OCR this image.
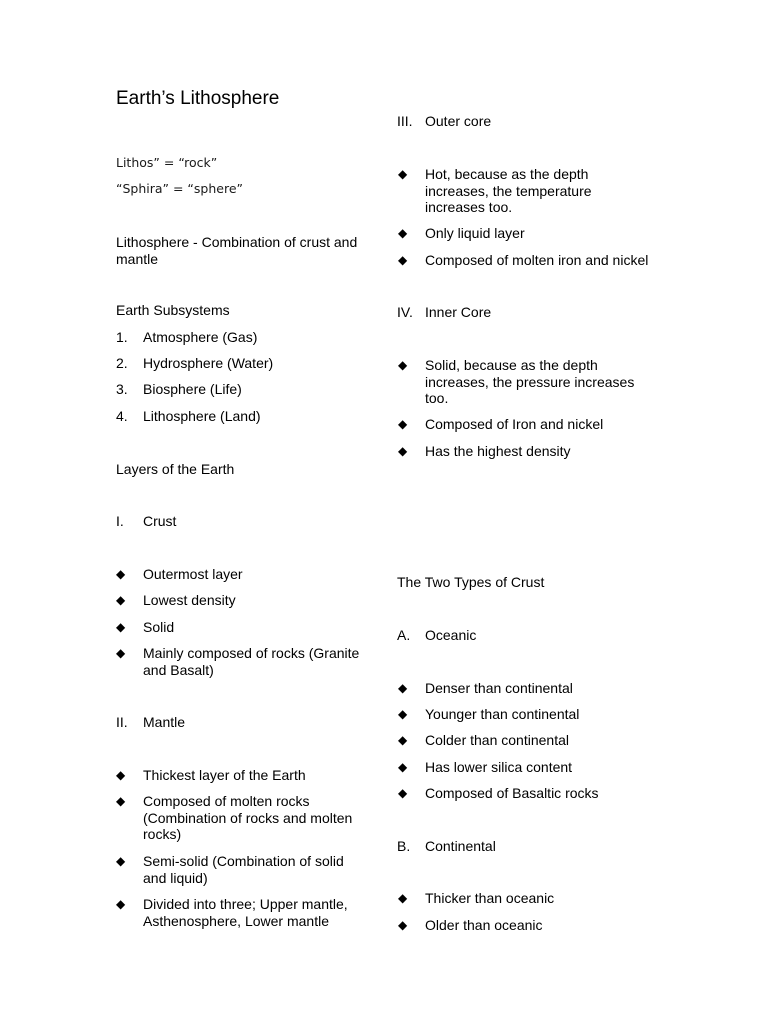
Earth’s Lithosphere
Lithos” = “rock”
“Sphira” = “sphere”
Lithosphere - Combination of crust and mantle
Earth Subsystems
1. Atmosphere (Gas)
2. Hydrosphere (Water)
3. Biosphere (Life)
4. Lithosphere (Land)
Layers of the Earth
I. Crust
◆ Outermost layer
◆ Lowest density
◆ Solid
◆ Mainly composed of rocks (Granite and Basalt)
II. Mantle
◆ Thickest layer of the Earth
◆ Composed of molten rocks (Combination of rocks and molten rocks)
◆ Semi-solid (Combination of solid and liquid)
◆ Divided into three; Upper mantle, Asthenosphere, Lower mantle
III. Outer core
◆ Hot, because as the depth increases, the temperature increases too.
◆ Only liquid layer
◆ Composed of molten iron and nickel
IV. Inner Core
◆ Solid, because as the depth increases, the pressure increases too.
◆ Composed of Iron and nickel
◆ Has the highest density
The Two Types of Crust
A. Oceanic
◆ Denser than continental
◆ Younger than continental
◆ Colder than continental
◆ Has lower silica content
◆ Composed of Basaltic rocks
B. Continental
◆ Thicker than oceanic
◆ Older than oceanic
